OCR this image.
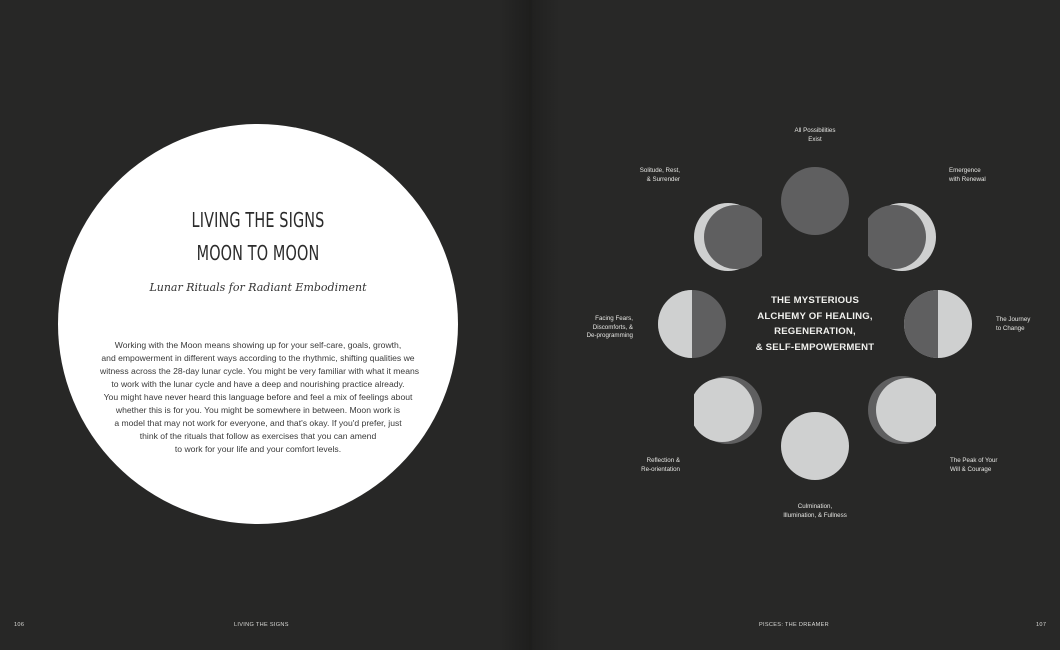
LIVING THE SIGNS
MOON TO MOON
Lunar Rituals for Radiant Embodiment
Working with the Moon means showing up for your self-care, goals, growth,
and empowerment in different ways according to the rhythmic, shifting qualities we
witness across the 28-day lunar cycle. You might be very familiar with what it means
to work with the lunar cycle and have a deep and nourishing practice already.
You might have never heard this language before and feel a mix of feelings about
whether this is for you. You might be somewhere in between. Moon work is
a model that may not work for everyone, and that's okay. If you'd prefer, just
think of the rituals that follow as exercises that you can amend
to work for your life and your comfort levels.
106	LIVING THE SIGNS
THE MYSTERIOUS
ALCHEMY OF HEALING,
REGENERATION,
& SELF-EMPOWERMENT
All Possibilities
Exist
Emergence
with Renewal
The Journey
to Change
The Peak of Your
Will & Courage
Culmination,
Illumination, & Fullness
Reflection &
Re-orientation
Facing Fears,
Discomforts, &
De-programming
Solitude, Rest,
& Surrender
PISCES: THE DREAMER	107
